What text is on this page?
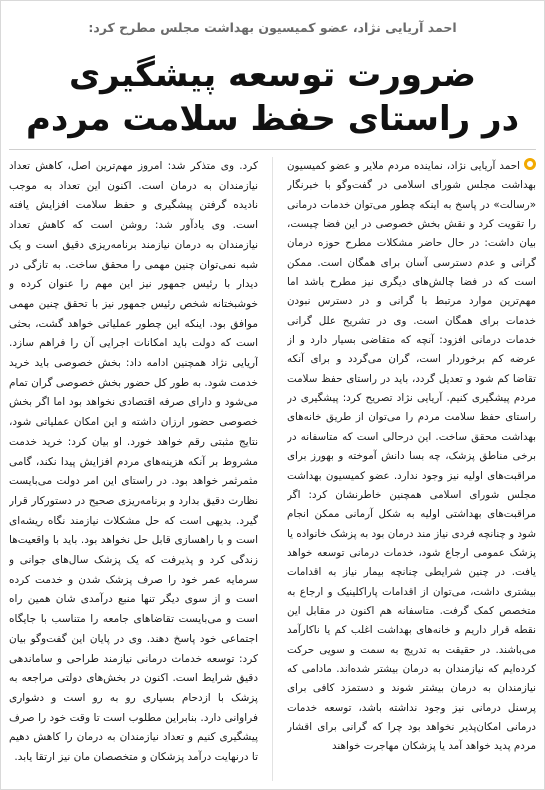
احمد آریایی نژاد، عضو کمیسیون بهداشت مجلس مطرح کرد:
ضرورت توسعه پیشگیری
در راستای حفظ سلامت مردم

احمد آریایی نژاد، نماینده مردم ملایر و عضو کمیسیون بهداشت مجلس شورای اسلامی در گفت‌وگو با خبرنگار «رسالت» در پاسخ به اینکه چطور می‌توان خدمات درمانی را تقویت کرد و نقش بخش خصوصی در این فضا چیست، بیان داشت: در حال حاضر مشکلات مطرح حوزه درمان گرانی و عدم دسترسی آسان برای همگان است. ممکن است که در فضا چالش‌های دیگری نیز مطرح باشد اما مهم‌ترین موارد مرتبط با گرانی و در دسترس نبودن خدمات برای همگان است. وی در تشریح علل گرانی خدمات درمانی افزود: آنچه که متقاضی بسیار دارد و از عرضه کم برخوردار است، گران می‌گردد و برای آنکه تقاضا کم شود و تعدیل گردد، باید در راستای حفظ سلامت مردم پیشگیری کنیم. آریایی نژاد تصریح کرد: پیشگیری در راستای حفظ سلامت مردم را می‌توان از طریق خانه‌های بهداشت محقق ساخت. این درحالی است که متاسفانه در برخی مناطق پزشک، چه بسا دانش آموخته و بهورز برای مراقبت‌های اولیه نیز وجود ندارد. عضو کمیسیون بهداشت مجلس شورای اسلامی همچنین خاطرنشان کرد: اگر مراقبت‌های بهداشتی اولیه به شکل آرمانی ممکن انجام شود و چنانچه فردی نیاز مند درمان بود به پزشک خانواده یا پزشک عمومی ارجاع شود، خدمات درمانی توسعه خواهد یافت. در چنین شرایطی چنانچه بیمار نیاز به اقدامات بیشتری داشت، می‌توان از اقدامات پاراکلینیک و ارجاع به متخصص کمک گرفت. متاسفانه هم اکنون در مقابل این نقطه قرار داریم و خانه‌های بهداشت اغلب کم یا ناکارآمد می‌باشند. در حقیقت به تدریج به سمت و سویی حرکت کرده‌ایم که نیازمندان به درمان بیشتر شده‌اند. مادامی که نیازمندان به درمان بیشتر شوند و دستمزد کافی برای پرسنل درمانی نیز وجود نداشته باشد، توسعه خدمات درمانی امکان‌پذیر نخواهد بود چرا که گرانی برای اقشار مردم پدید خواهد آمد یا پزشکان مهاجرت خواهند

کرد. وی متذکر شد: امروز مهم‌ترین اصل، کاهش تعداد نیازمندان به درمان است. اکنون این تعداد به موجب نادیده گرفتن پیشگیری و حفظ سلامت افزایش یافته است. وی یادآور شد: روشن است که کاهش تعداد نیازمندان به درمان نیازمند برنامه‌ریزی دقیق است و یک شبه نمی‌توان چنین مهمی را محقق ساخت. به تازگی در دیدار با رئیس جمهور نیز این مهم را عنوان کرده و خوشبختانه شخص رئیس جمهور نیز با تحقق چنین مهمی موافق بود. اینکه این چطور عملیاتی خواهد گشت، بحثی است که دولت باید امکانات اجرایی آن را فراهم سازد. آریایی نژاد همچنین ادامه داد: بخش خصوصی باید خرید خدمت شود. به طور کل حضور بخش خصوصی گران تمام می‌شود و دارای صرفه اقتصادی نخواهد بود اما اگر بخش خصوصی حضور ارزان داشته و این امکان عملیاتی شود، نتایج مثبتی رقم خواهد خورد. او بیان کرد: خرید خدمت مشروط بر آنکه هزینه‌های مردم افزایش پیدا نکند، گامی مثمرثمر خواهد بود. در راستای این امر دولت می‌بایست نظارت دقیق بدارد و برنامه‌ریزی صحیح در دستورکار قرار گیرد. بدیهی است که حل مشکلات نیازمند نگاه ریشه‌ای است و با راهسازی قابل حل نخواهد بود. باید با واقعیت‌ها زندگی کرد و پذیرفت که یک پزشک سال‌های جوانی و سرمایه عمر خود را صرف پزشک شدن و خدمت کرده است و از سوی دیگر تنها منبع درآمدی شان همین راه است و می‌بایست تقاضاهای جامعه را متناسب با جایگاه اجتماعی خود پاسخ دهند. وی در پایان این گفت‌وگو بیان کرد: توسعه خدمات درمانی نیازمند طراحی و ساماندهی دقیق شرایط است. اکنون در بخش‌های دولتی مراجعه به پزشک با ازدحام بسیاری رو به رو است و دشواری فراوانی دارد. بنابراین مطلوب است تا وقت خود را صرف پیشگیری کنیم و تعداد نیازمندان به درمان را کاهش دهیم تا درنهایت درآمد پزشکان و متخصصان مان نیز ارتقا یابد.
